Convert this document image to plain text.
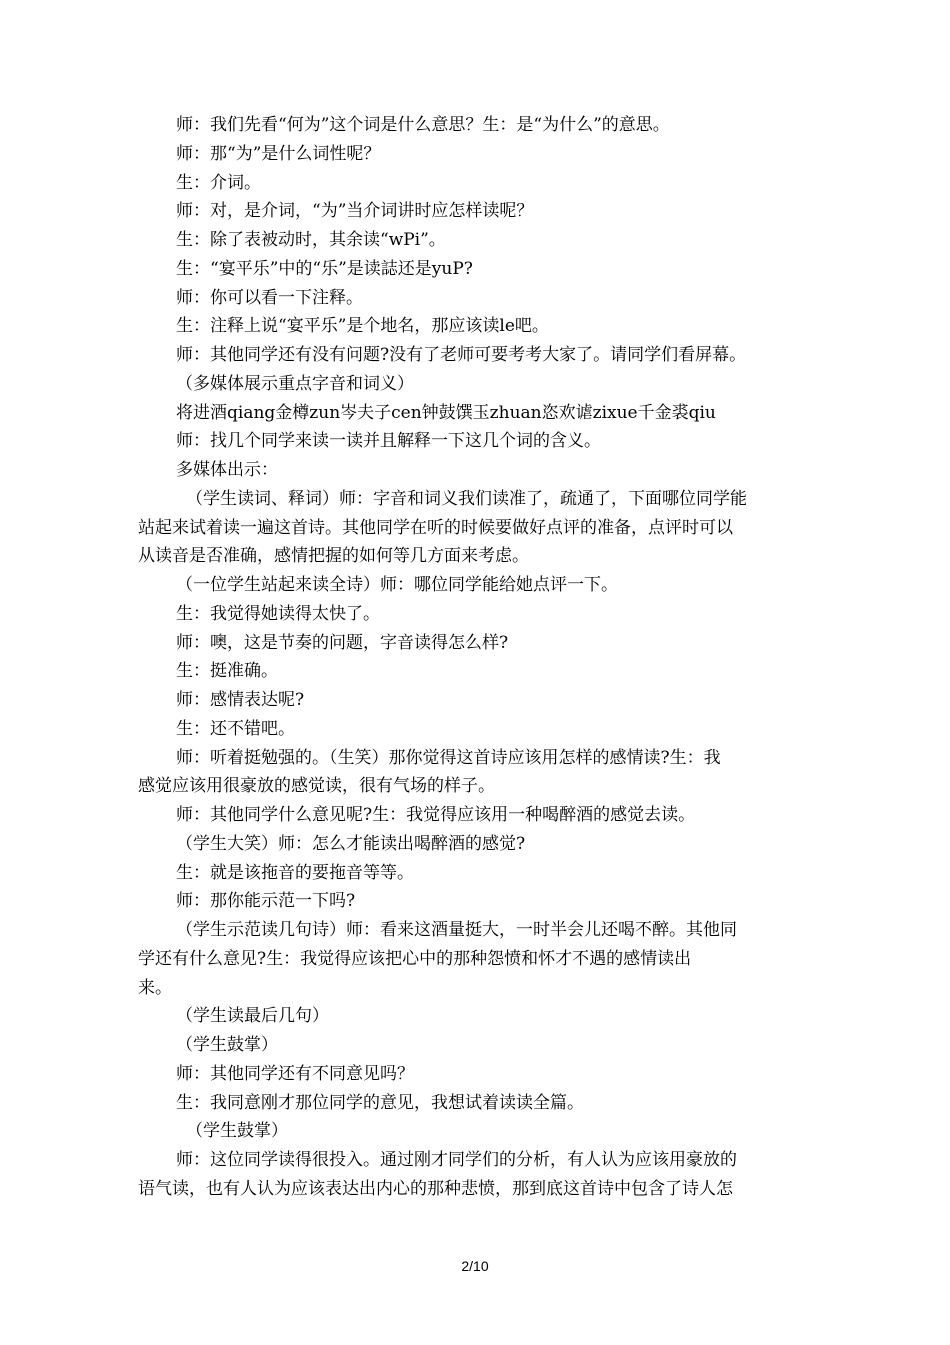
师：我们先看“何为”这个词是什么意思？生：是“为什么”的意思。
师：那“为”是什么词性呢？
生：介词。
师：对，是介词，“为”当介词讲时应怎样读呢？
生：除了表被动时，其余读“wPi”。
生：“宴平乐”中的“乐”是读誌还是yuP?
师：你可以看一下注释。
生：注释上说“宴平乐”是个地名，那应该读le吧。
师：其他同学还有没有问题?没有了老师可要考考大家了。请同学们看屏幕。
（多媒体展示重点字音和词义）
将进酒qiang金樽zun岑夫子cen钟鼓馔玉zhuan恣欢谑zixue千金裘qiu
师：找几个同学来读一读并且解释一下这几个词的含义。
多媒体出示：
（学生读词、释词）师：字音和词义我们读准了，疏通了，下面哪位同学能
站起来试着读一遍这首诗。其他同学在听的时候要做好点评的准备，点评时可以
从读音是否准确，感情把握的如何等几方面来考虑。
（一位学生站起来读全诗）师：哪位同学能给她点评一下。
生：我觉得她读得太快了。
师：噢，这是节奏的问题，字音读得怎么样?
生：挺准确。
师：感情表达呢?
生：还不错吧。
师：听着挺勉强的。（生笑）那你觉得这首诗应该用怎样的感情读?生：我
感觉应该用很豪放的感觉读，很有气场的样子。
师：其他同学什么意见呢?生：我觉得应该用一种喝醉酒的感觉去读。
（学生大笑）师：怎么才能读出喝醉酒的感觉?
生：就是该拖音的要拖音等等。
师：那你能示范一下吗?
（学生示范读几句诗）师：看来这酒量挺大，一时半会儿还喝不醉。其他同
学还有什么意见?生：我觉得应该把心中的那种怨愤和怀才不遇的感情读出
来。
（学生读最后几句）
（学生鼓掌）
师：其他同学还有不同意见吗？
生：我同意刚才那位同学的意见，我想试着读读全篇。
（学生鼓掌）
师：这位同学读得很投入。通过刚才同学们的分析，有人认为应该用豪放的
语气读，也有人认为应该表达出内心的那种悲愤，那到底这首诗中包含了诗人怎
2/10
